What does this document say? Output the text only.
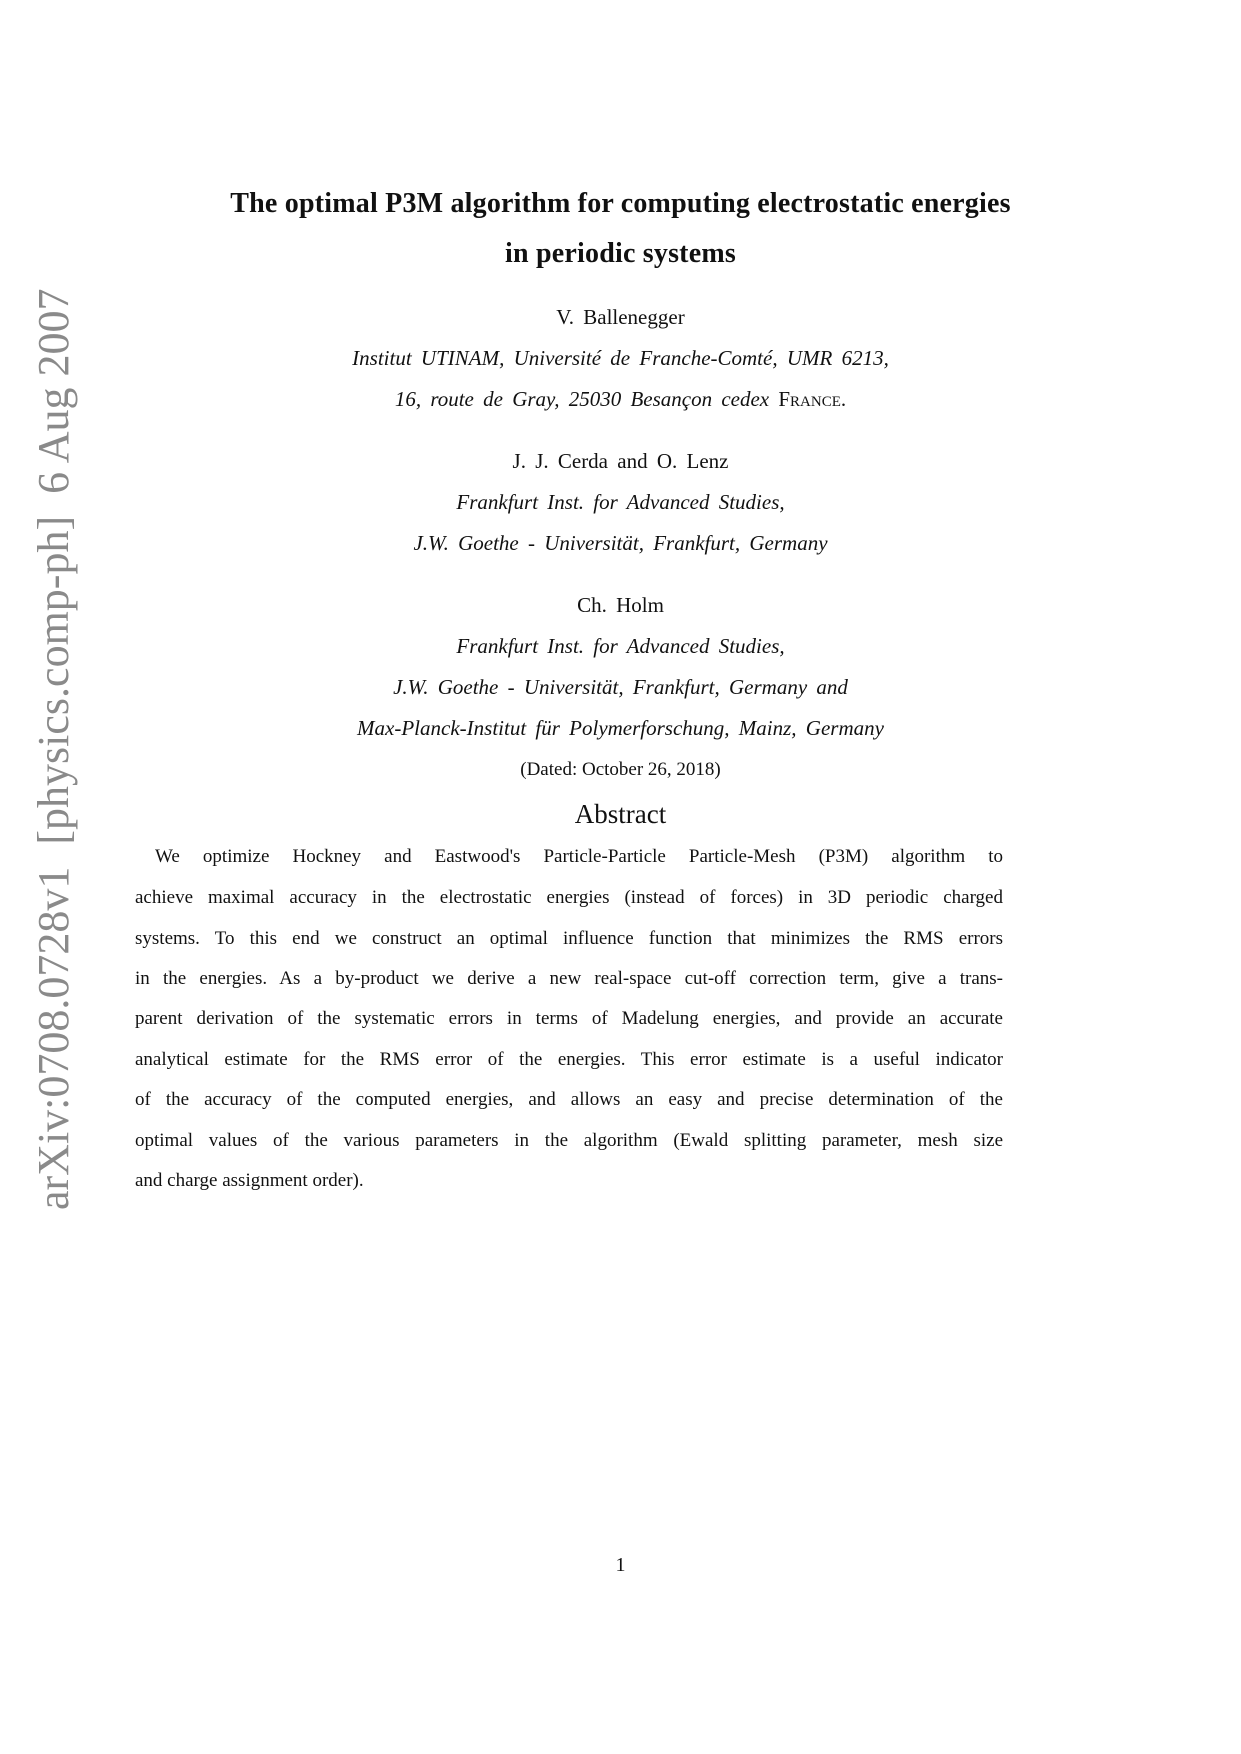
arXiv:0708.0728v1  [physics.comp-ph]  6 Aug 2007
The optimal P3M algorithm for computing electrostatic energies
in periodic systems
V. Ballenegger
Institut UTINAM, Université de Franche-Comté, UMR 6213,
16, route de Gray, 25030 Besançon cedex France.
J. J. Cerda and O. Lenz
Frankfurt Inst. for Advanced Studies,
J.W. Goethe - Universität, Frankfurt, Germany
Ch. Holm
Frankfurt Inst. for Advanced Studies,
J.W. Goethe - Universität, Frankfurt, Germany and
Max-Planck-Institut für Polymerforschung, Mainz, Germany
(Dated: October 26, 2018)
Abstract
We optimize Hockney and Eastwood's Particle-Particle Particle-Mesh (P3M) algorithm to
achieve maximal accuracy in the electrostatic energies (instead of forces) in 3D periodic charged
systems. To this end we construct an optimal influence function that minimizes the RMS errors
in the energies. As a by-product we derive a new real-space cut-off correction term, give a trans-
parent derivation of the systematic errors in terms of Madelung energies, and provide an accurate
analytical estimate for the RMS error of the energies. This error estimate is a useful indicator
of the accuracy of the computed energies, and allows an easy and precise determination of the
optimal values of the various parameters in the algorithm (Ewald splitting parameter, mesh size
and charge assignment order).
1
